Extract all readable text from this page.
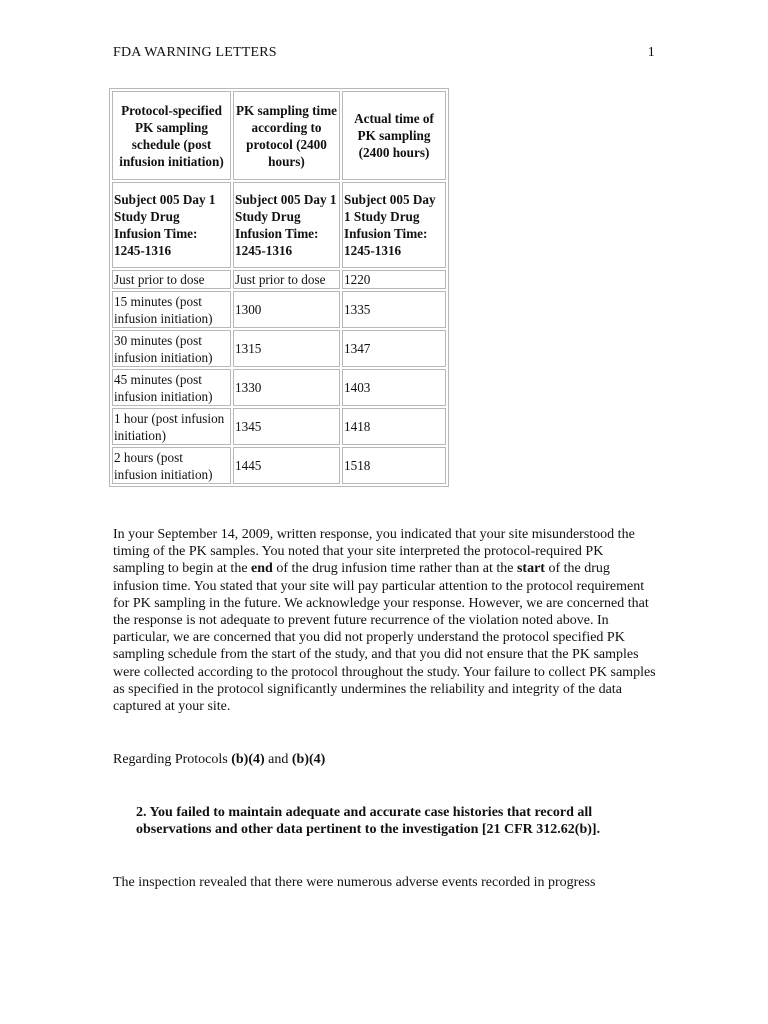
FDA WARNING LETTERS	1
Protocol-specified PK sampling schedule (post infusion initiation)	PK sampling time according to protocol (2400 hours)	Actual time of PK sampling (2400 hours)
Subject 005 Day 1 Study Drug Infusion Time: 1245-1316	Subject 005 Day 1 Study Drug Infusion Time: 1245-1316	Subject 005 Day 1 Study Drug Infusion Time: 1245-1316
Just prior to dose	Just prior to dose	1220
15 minutes (post infusion initiation)	1300	1335
30 minutes (post infusion initiation)	1315	1347
45 minutes (post infusion initiation)	1330	1403
1 hour (post infusion initiation)	1345	1418
2 hours (post infusion initiation)	1445	1518

In your September 14, 2009, written response, you indicated that your site misunderstood the timing of the PK samples. You noted that your site interpreted the protocol-required PK sampling to begin at the end of the drug infusion time rather than at the start of the drug infusion time. You stated that your site will pay particular attention to the protocol requirement for PK sampling in the future. We acknowledge your response. However, we are concerned that the response is not adequate to prevent future recurrence of the violation noted above. In particular, we are concerned that you did not properly understand the protocol specified PK sampling schedule from the start of the study, and that you did not ensure that the PK samples were collected according to the protocol throughout the study. Your failure to collect PK samples as specified in the protocol significantly undermines the reliability and integrity of the data captured at your site.

Regarding Protocols (b)(4) and (b)(4)

2. You failed to maintain adequate and accurate case histories that record all observations and other data pertinent to the investigation [21 CFR 312.62(b)].

The inspection revealed that there were numerous adverse events recorded in progress
